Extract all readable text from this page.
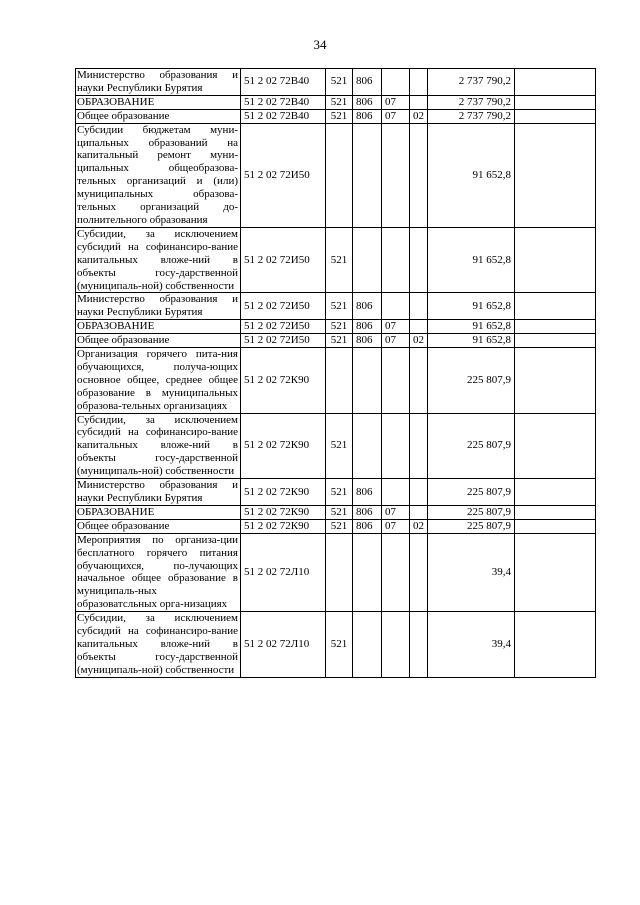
34
Министерство образования и науки Республики Бурятия	51 2 02 72В40	521	806			2 737 790,2	
ОБРАЗОВАНИЕ	51 2 02 72В40	521	806	07		2 737 790,2	
Общее образование	51 2 02 72В40	521	806	07	02	2 737 790,2	
Субсидии бюджетам муни-ципальных образований на капитальный ремонт муни-ципальных общеобразова-тельных организаций и (или) муниципальных образова-тельных организаций до-полнительного образования	51 2 02 72И50					91 652,8	
Субсидии, за исключением субсидий на софинансиро-вание капитальных вложе-ний в объекты госу-дарственной (муниципаль-ной) собственности	51 2 02 72И50	521				91 652,8	
Министерство образования и науки Республики Бурятия	51 2 02 72И50	521	806			91 652,8	
ОБРАЗОВАНИЕ	51 2 02 72И50	521	806	07		91 652,8	
Общее образование	51 2 02 72И50	521	806	07	02	91 652,8	
Организация горячего пита-ния обучающихся, получа-ющих основное общее, среднее общее образование в муниципальных образова-тельных организациях	51 2 02 72К90					225 807,9	
Субсидии, за исключением субсидий на софинансиро-вание капитальных вложе-ний в объекты госу-дарственной (муниципаль-ной) собственности	51 2 02 72К90	521				225 807,9	
Министерство образования и науки Республики Бурятия	51 2 02 72К90	521	806			225 807,9	
ОБРАЗОВАНИЕ	51 2 02 72К90	521	806	07		225 807,9	
Общее образование	51 2 02 72К90	521	806	07	02	225 807,9	
Мероприятия по организа-ции бесплатного горячего питания обучающихся, по-лучающих начальное общее образование в муниципаль-ных образоватсльных орга-низациях	51 2 02 72Л10					39,4	
Субсидии, за исключением субсидий на софинансиро-вание капитальных вложе-ний в объекты госу-дарственной (муниципаль-ной) собственности	51 2 02 72Л10	521				39,4	
